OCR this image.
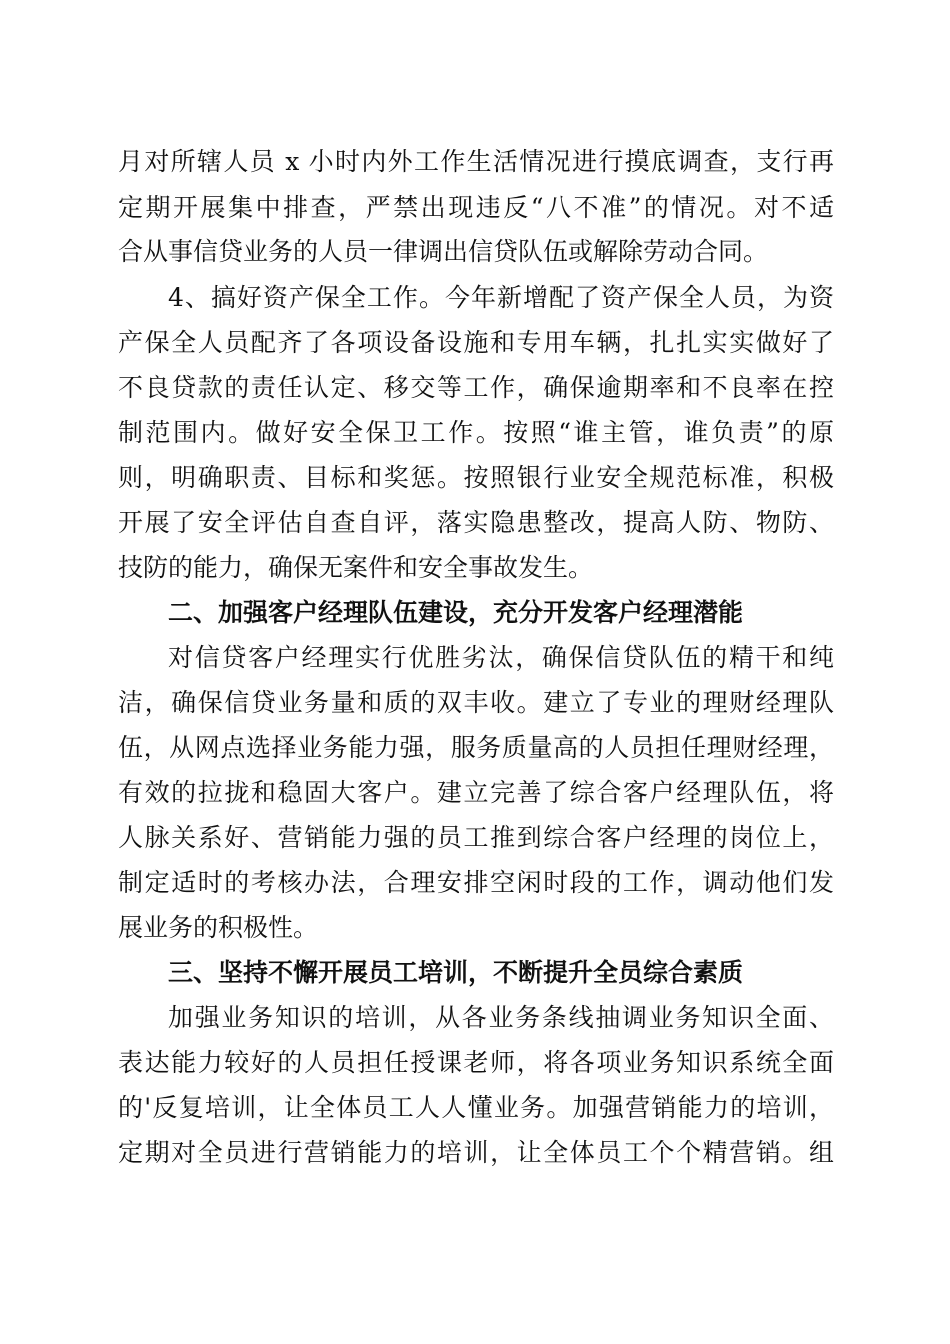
月对所辖人员 x 小时内外工作生活情况进行摸底调查，支行再
定期开展集中排查，严禁出现违反“八不准”的情况。对不适
合从事信贷业务的人员一律调出信贷队伍或解除劳动合同。
4、搞好资产保全工作。今年新增配了资产保全人员，为资
产保全人员配齐了各项设备设施和专用车辆，扎扎实实做好了
不良贷款的责任认定、移交等工作，确保逾期率和不良率在控
制范围内。做好安全保卫工作。按照“谁主管，谁负责”的原
则，明确职责、目标和奖惩。按照银行业安全规范标准，积极
开展了安全评估自查自评，落实隐患整改，提高人防、物防、
技防的能力，确保无案件和安全事故发生。
二、加强客户经理队伍建设，充分开发客户经理潜能
对信贷客户经理实行优胜劣汰，确保信贷队伍的精干和纯
洁，确保信贷业务量和质的双丰收。建立了专业的理财经理队
伍，从网点选择业务能力强，服务质量高的人员担任理财经理，
有效的拉拢和稳固大客户。建立完善了综合客户经理队伍，将
人脉关系好、营销能力强的员工推到综合客户经理的岗位上，
制定适时的考核办法，合理安排空闲时段的工作，调动他们发
展业务的积极性。
三、坚持不懈开展员工培训，不断提升全员综合素质
加强业务知识的培训，从各业务条线抽调业务知识全面、
表达能力较好的人员担任授课老师，将各项业务知识系统全面
的'反复培训，让全体员工人人懂业务。加强营销能力的培训，
定期对全员进行营销能力的培训，让全体员工个个精营销。组
